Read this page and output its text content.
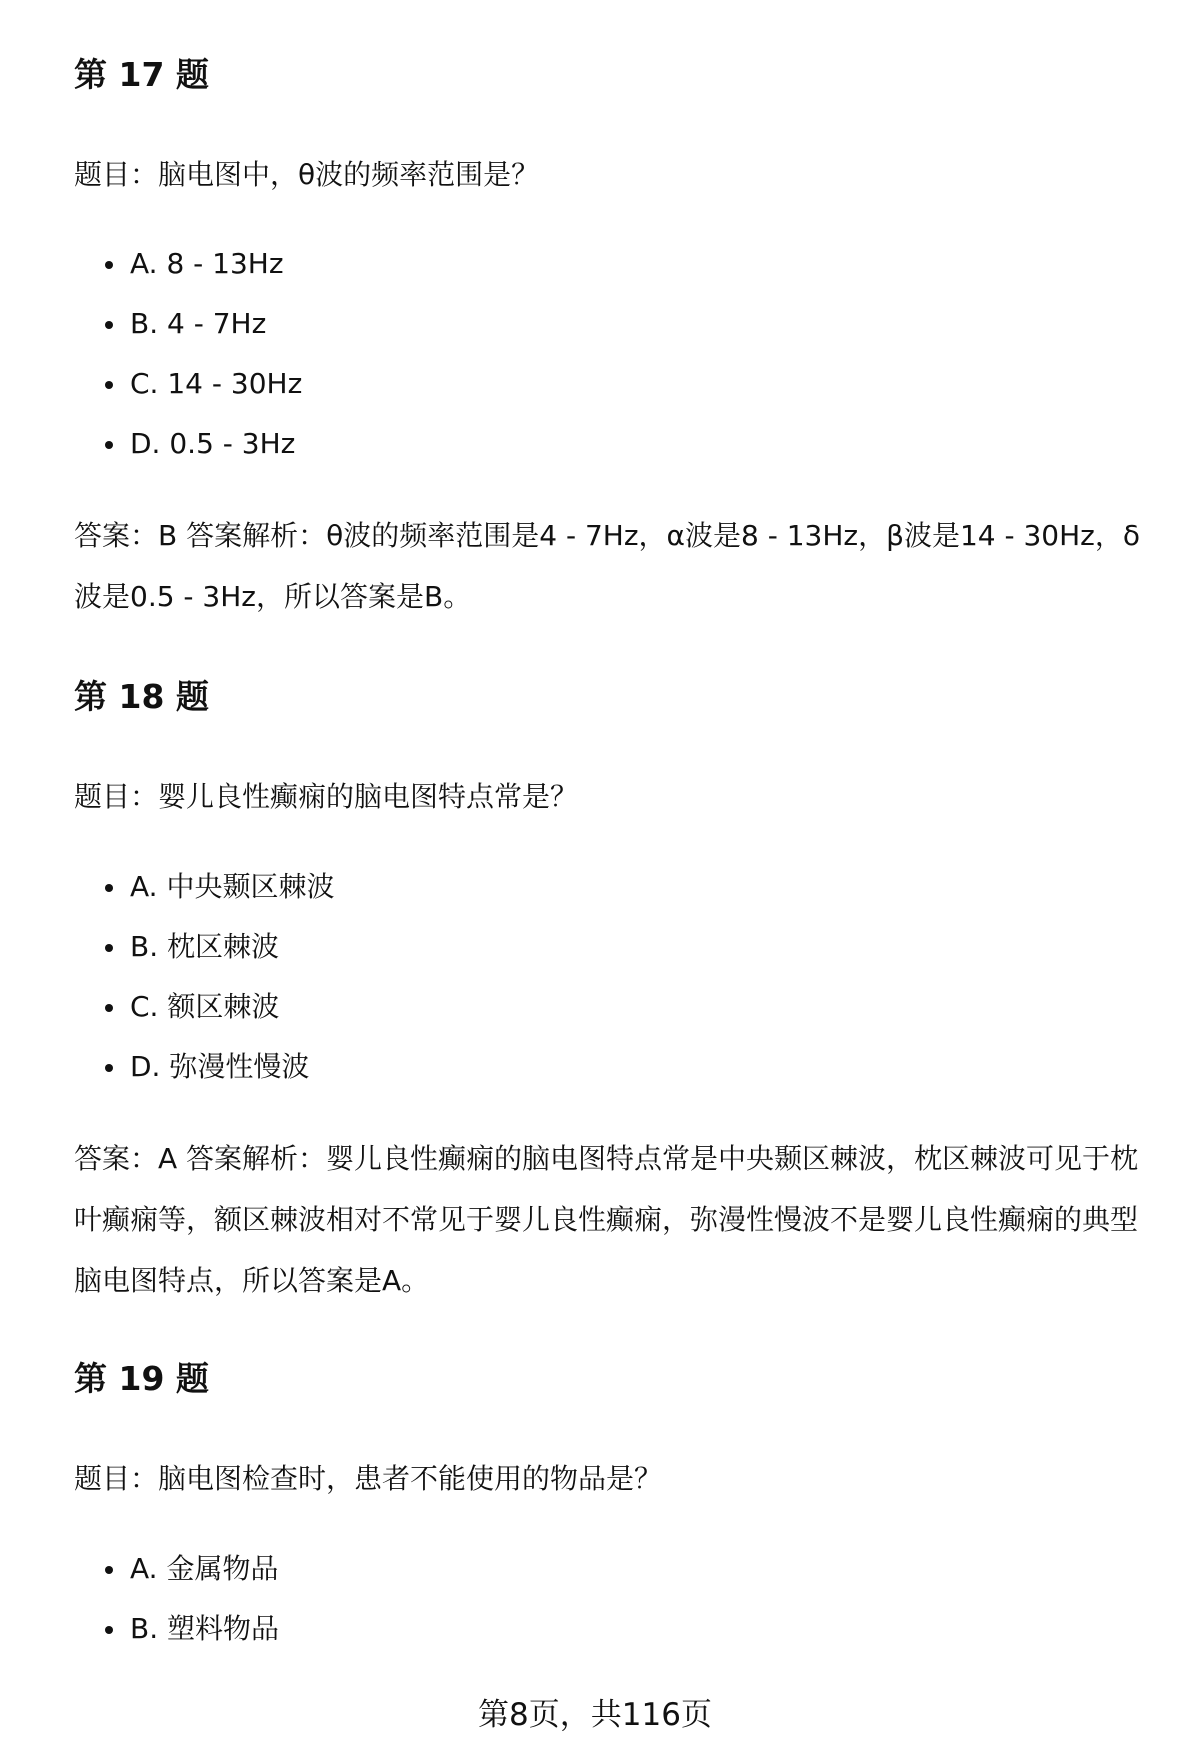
第 17 题

题目：脑电图中，θ波的频率范围是？

A. 8 - 13Hz
B. 4 - 7Hz
C. 14 - 30Hz
D. 0.5 - 3Hz

答案：B 答案解析：θ波的频率范围是4 - 7Hz，α波是8 - 13Hz，β波是14 - 30Hz，δ波是0.5 - 3Hz，所以答案是B。

第 18 题

题目：婴儿良性癫痫的脑电图特点常是？

A. 中央颞区棘波
B. 枕区棘波
C. 额区棘波
D. 弥漫性慢波

答案：A 答案解析：婴儿良性癫痫的脑电图特点常是中央颞区棘波，枕区棘波可见于枕叶癫痫等，额区棘波相对不常见于婴儿良性癫痫，弥漫性慢波不是婴儿良性癫痫的典型脑电图特点，所以答案是A。

第 19 题

题目：脑电图检查时，患者不能使用的物品是？

A. 金属物品
B. 塑料物品
第8页，共116页
